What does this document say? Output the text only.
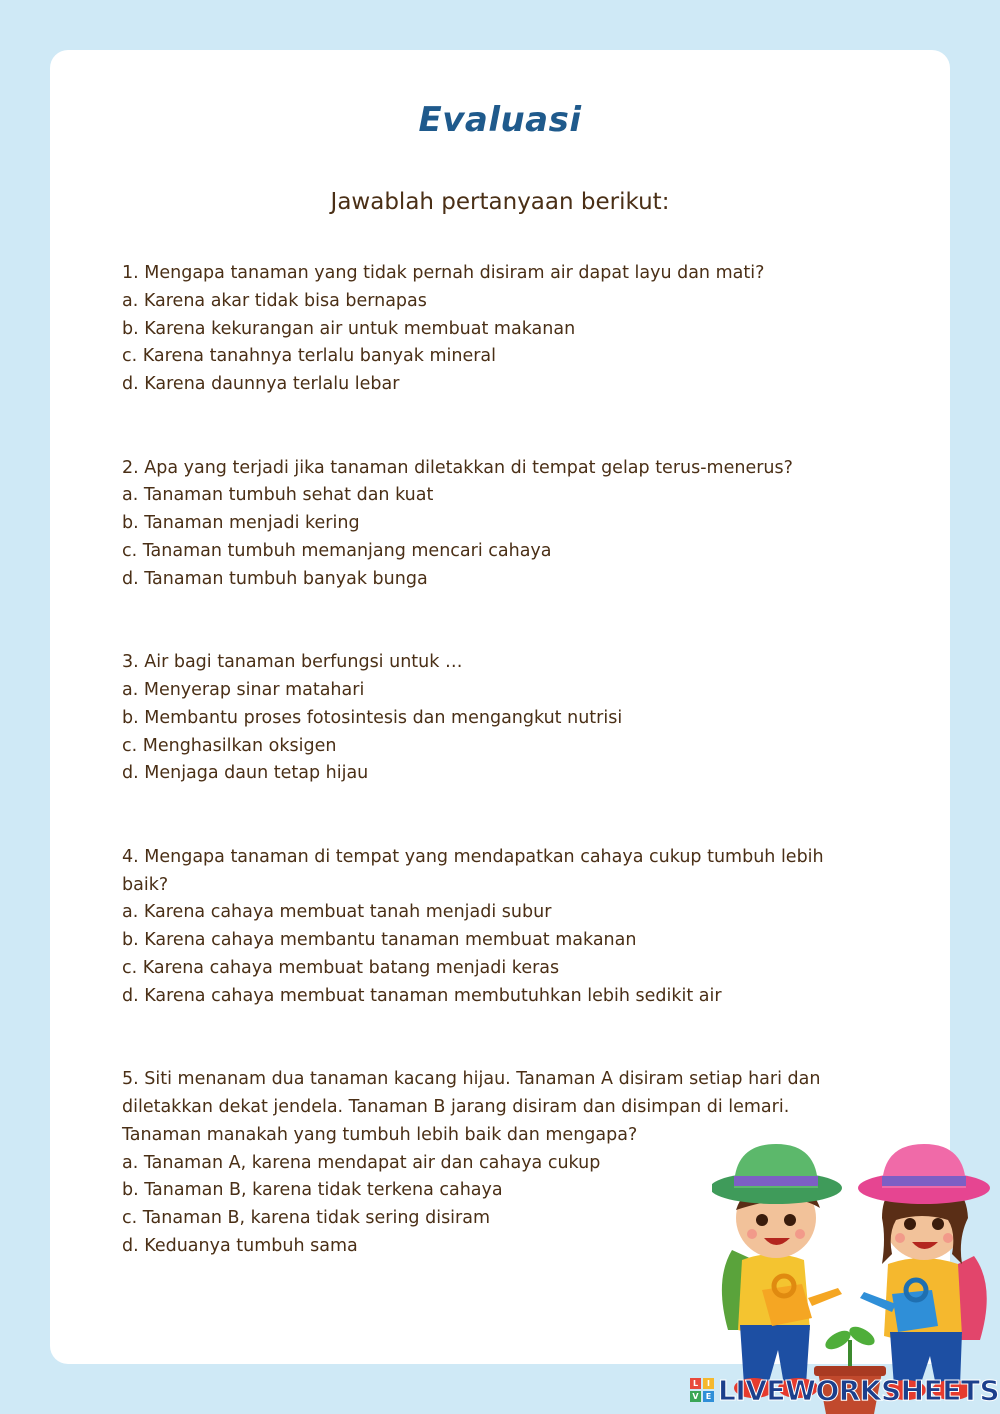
Evaluasi
Jawablah pertanyaan berikut:
1. Mengapa tanaman yang tidak pernah disiram air dapat layu dan mati?
a. Karena akar tidak bisa bernapas
b. Karena kekurangan air untuk membuat makanan
c. Karena tanahnya terlalu banyak mineral
d. Karena daunnya terlalu lebar
2. Apa yang terjadi jika tanaman diletakkan di tempat gelap terus-menerus?
a. Tanaman tumbuh sehat dan kuat
b. Tanaman menjadi kering
c. Tanaman tumbuh memanjang mencari cahaya
d. Tanaman tumbuh banyak bunga
3. Air bagi tanaman berfungsi untuk …
a. Menyerap sinar matahari
b. Membantu proses fotosintesis dan mengangkut nutrisi
c. Menghasilkan oksigen
d. Menjaga daun tetap hijau
4. Mengapa tanaman di tempat yang mendapatkan cahaya cukup tumbuh lebih baik?
a. Karena cahaya membuat tanah menjadi subur
b. Karena cahaya membantu tanaman membuat makanan
c. Karena cahaya membuat batang menjadi keras
d. Karena cahaya membuat tanaman membutuhkan lebih sedikit air
5. Siti menanam dua tanaman kacang hijau. Tanaman A disiram setiap hari dan diletakkan dekat jendela. Tanaman B jarang disiram dan disimpan di lemari. Tanaman manakah yang tumbuh lebih baik dan mengapa?
a. Tanaman A, karena mendapat air dan cahaya cukup
b. Tanaman B, karena tidak terkena cahaya
c. Tanaman B, karena tidak sering disiram
d. Keduanya tumbuh sama
L	I
V E LIVEWORKSHEETS
